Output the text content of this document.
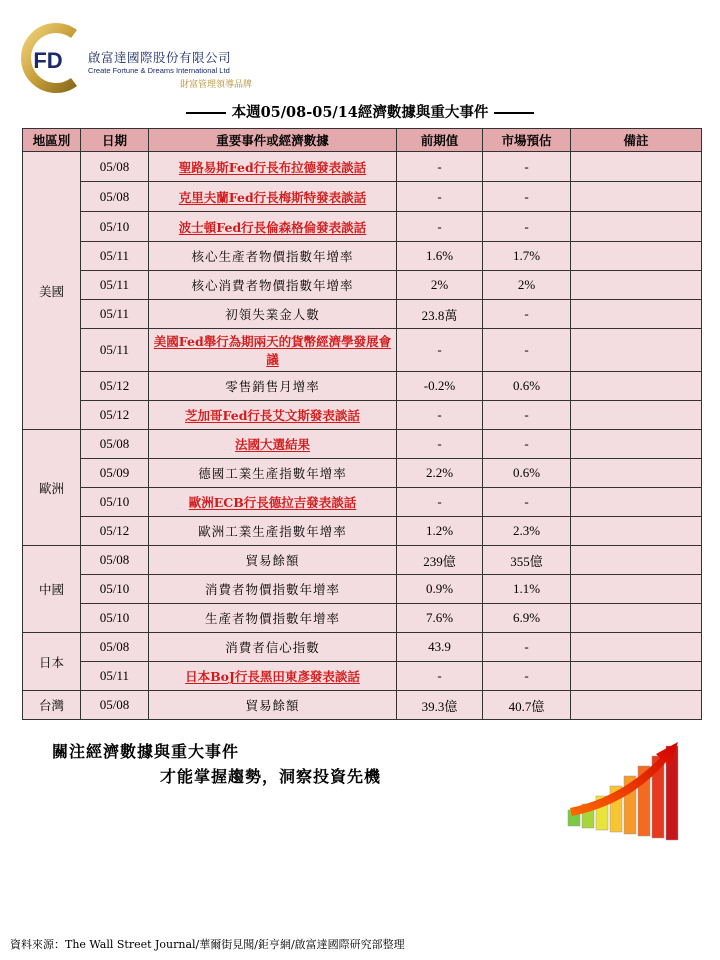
FD 啟富達國際股份有限公司
Create Fortune & Dreams International Ltd
財富管理領導品牌
本週05/08-05/14經濟數據與重大事件
地區別	日期	重要事件或經濟數據	前期值	市場預估	備註
美國	05/08	聖路易斯Fed行長布拉德發表談話	-	-	
	05/08	克里夫蘭Fed行長梅斯特發表談話	-	-	
	05/10	波士頓Fed行長倫森格倫發表談話	-	-	
	05/11	核心生產者物價指數年增率	1.6%	1.7%	
	05/11	核心消費者物價指數年增率	2%	2%	
	05/11	初領失業金人數	23.8萬	-	
	05/11	美國Fed舉行為期兩天的貨幣經濟學發展會議	-	-	
	05/12	零售銷售月增率	-0.2%	0.6%	
	05/12	芝加哥Fed行長艾文斯發表談話	-	-	
歐洲	05/08	法國大選結果	-	-	
	05/09	德國工業生產指數年增率	2.2%	0.6%	
	05/10	歐洲ECB行長德拉吉發表談話	-	-	
	05/12	歐洲工業生產指數年增率	1.2%	2.3%	
中國	05/08	貿易餘額	239億	355億	
	05/10	消費者物價指數年增率	0.9%	1.1%	
	05/10	生產者物價指數年增率	7.6%	6.9%	
日本	05/08	消費者信心指數	43.9	-	
	05/11	日本BoJ行長黑田東彥發表談話	-	-	
台灣	05/08	貿易餘額	39.3億	40.7億	
關注經濟數據與重大事件
才能掌握趨勢，洞察投資先機
資料來源：The Wall Street Journal/華爾街見聞/鉅亨網/啟富達國際研究部整理
